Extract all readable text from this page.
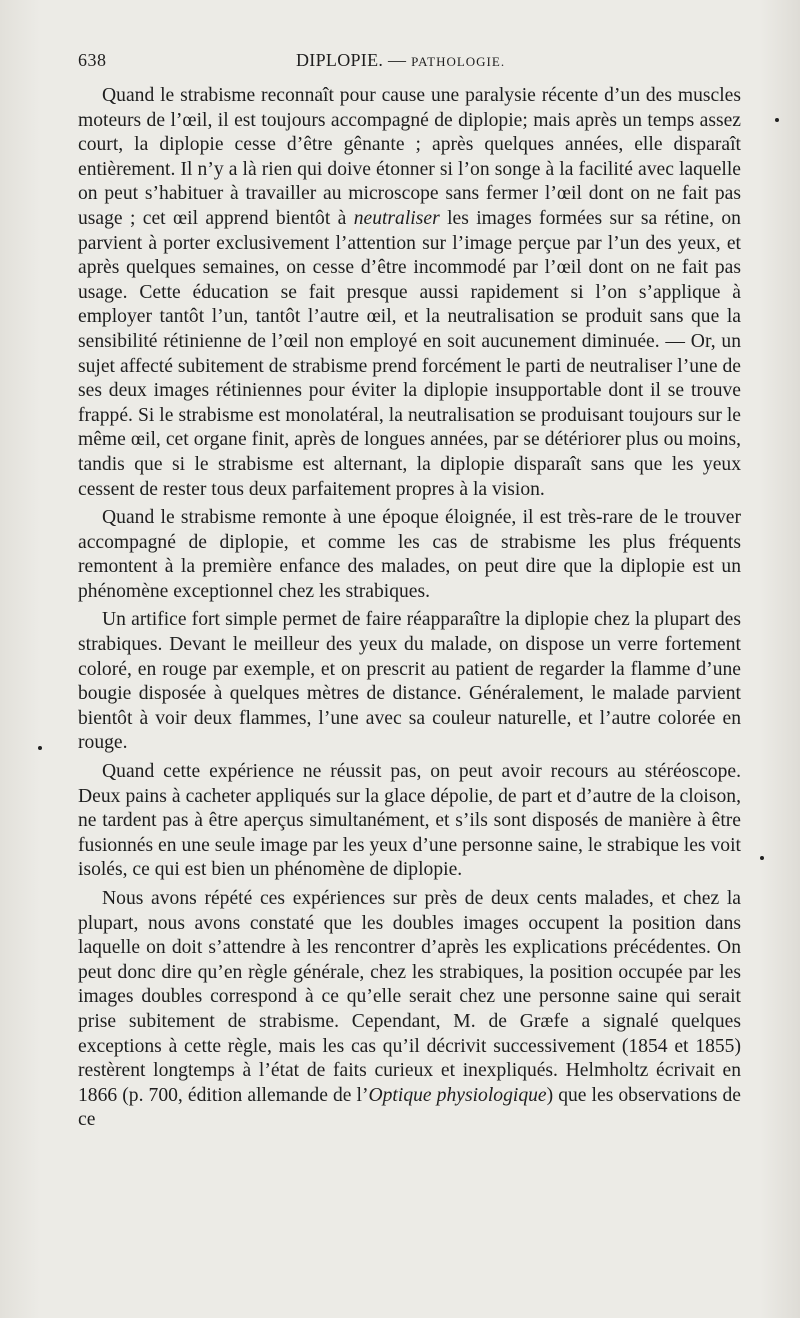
638	DIPLOPIE. — PATHOLOGIE.

Quand le strabisme reconnaît pour cause une paralysie récente d’un des muscles moteurs de l’œil, il est toujours accompagné de diplopie; mais après un temps assez court, la diplopie cesse d’être gênante ; après quelques années, elle disparaît entièrement. Il n’y a là rien qui doive étonner si l’on songe à la facilité avec laquelle on peut s’habituer à travailler au microscope sans fermer l’œil dont on ne fait pas usage ; cet œil apprend bientôt à neutraliser les images formées sur sa rétine, on parvient à porter exclusivement l’attention sur l’image perçue par l’un des yeux, et après quelques semaines, on cesse d’être incommodé par l’œil dont on ne fait pas usage. Cette éducation se fait presque aussi rapidement si l’on s’applique à employer tantôt l’un, tantôt l’autre œil, et la neutralisation se produit sans que la sensibilité rétinienne de l’œil non employé en soit aucunement diminuée. — Or, un sujet affecté subitement de strabisme prend forcément le parti de neutraliser l’une de ses deux images rétiniennes pour éviter la diplopie insupportable dont il se trouve frappé. Si le strabisme est monolatéral, la neutralisation se produisant toujours sur le même œil, cet organe finit, après de longues années, par se détériorer plus ou moins, tandis que si le strabisme est alternant, la diplopie disparaît sans que les yeux cessent de rester tous deux parfaitement propres à la vision.

Quand le strabisme remonte à une époque éloignée, il est très-rare de le trouver accompagné de diplopie, et comme les cas de strabisme les plus fréquents remontent à la première enfance des malades, on peut dire que la diplopie est un phénomène exceptionnel chez les strabiques.

Un artifice fort simple permet de faire réapparaître la diplopie chez la plupart des strabiques. Devant le meilleur des yeux du malade, on dispose un verre fortement coloré, en rouge par exemple, et on prescrit au patient de regarder la flamme d’une bougie disposée à quelques mètres de distance. Généralement, le malade parvient bientôt à voir deux flammes, l’une avec sa couleur naturelle, et l’autre colorée en rouge.

Quand cette expérience ne réussit pas, on peut avoir recours au stéréoscope. Deux pains à cacheter appliqués sur la glace dépolie, de part et d’autre de la cloison, ne tardent pas à être aperçus simultanément, et s’ils sont disposés de manière à être fusionnés en une seule image par les yeux d’une personne saine, le strabique les voit isolés, ce qui est bien un phénomène de diplopie.

Nous avons répété ces expériences sur près de deux cents malades, et chez la plupart, nous avons constaté que les doubles images occupent la position dans laquelle on doit s’attendre à les rencontrer d’après les explications précédentes. On peut donc dire qu’en règle générale, chez les strabiques, la position occupée par les images doubles correspond à ce qu’elle serait chez une personne saine qui serait prise subitement de strabisme. Cependant, M. de Græfe a signalé quelques exceptions à cette règle, mais les cas qu’il décrivit successivement (1854 et 1855) restèrent longtemps à l’état de faits curieux et inexpliqués. Helmholtz écrivait en 1866 (p. 700, édition allemande de l’Optique physiologique) que les observations de ce
